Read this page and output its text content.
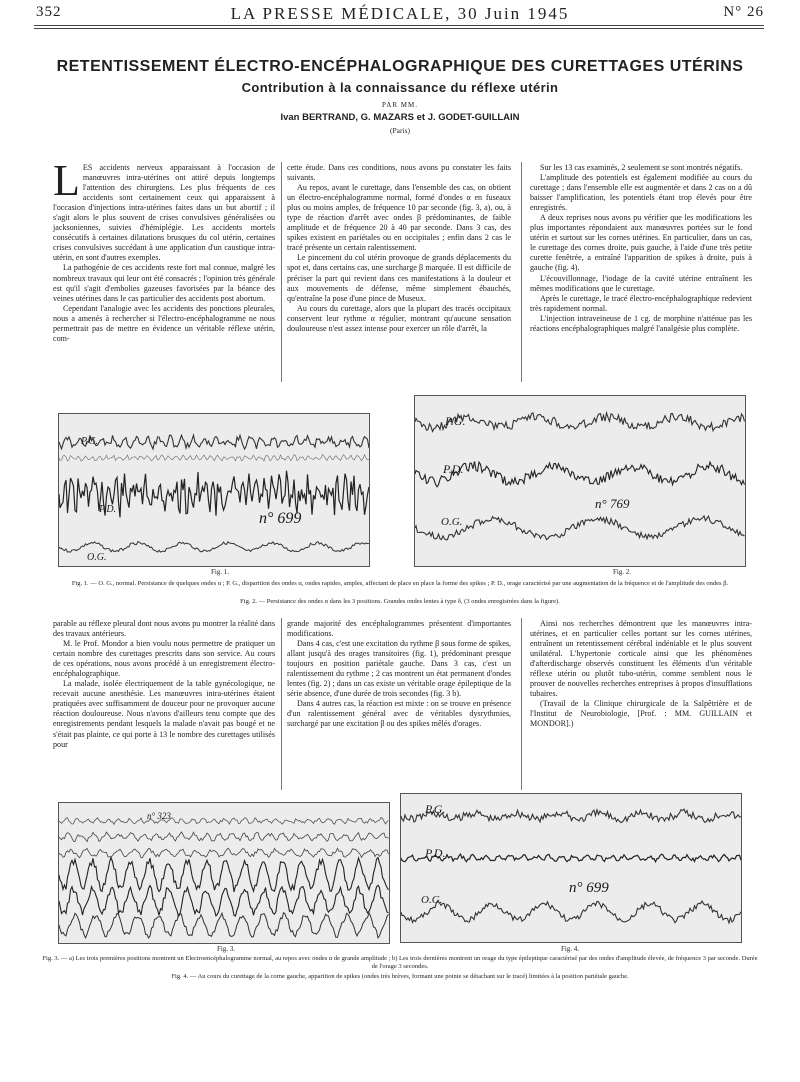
352	LA PRESSE MÉDICALE, 30 Juin 1945	N° 26
RETENTISSEMENT ÉLECTRO-ENCÉPHALOGRAPHIQUE DES CURETTAGES UTÉRINS
Contribution à la connaissance du réflexe utérin
PAR MM.
Ivan BERTRAND, G. MAZARS et J. GODET-GUILLAIN
(Paris)

LES accidents nerveux apparaissant à l'occasion de manœuvres intra-utérines ont attiré depuis longtemps l'attention des chirurgiens. Les plus fréquents de ces accidents sont certainement ceux qui apparaissent à l'occasion d'injections intra-utérines faites dans un but abortif ; il s'agit alors le plus souvent de crises convulsives généralisées ou jacksoniennes, suivies d'hémiplégie. Les accidents mortels consécutifs à certaines dilatations brusques du col utérin, certaines crises convulsives succédant à une application d'un caustique intra-utérin, en sont d'autres exemples.

La pathogénie de ces accidents reste fort mal connue, malgré les nombreux travaux qui leur ont été consacrés ; l'opinion très générale est qu'il s'agit d'embolies gazeuses favorisées par la béance des veines utérines dans le cas particulier des accidents post abortum.

Cependant l'analogie avec les accidents des ponctions pleurales, nous a amenés à rechercher si l'électro-encéphalogramme ne nous permettrait pas de mettre en évidence un véritable réflexe utérin, com-

cette étude. Dans ces conditions, nous avons pu constater les faits suivants.

Au repos, avant le curettage, dans l'ensemble des cas, on obtient un électro-encéphalogramme normal, formé d'ondes α en fuseaux plus ou moins amples, de fréquence 10 par seconde (fig. 3, a), ou, à type de réaction d'arrêt avec ondes β prédominantes, de faible amplitude et de fréquence 20 à 40 par seconde. Dans 3 cas, des spikes existent en pariétales ou en occipitales ; enfin dans 2 cas le tracé présente un certain ralentissement.

Le pincement du col utérin provoque de grands déplacements du spot et, dans certains cas, une surcharge β marquée. Il est difficile de préciser la part qui revient dans ces manifestations à la douleur et aux mouvements de défense, même simplement ébauchés, qu'entraîne la pose d'une pince de Museux.

Au cours du curettage, alors que la plupart des tracés occipitaux conservent leur rythme α régulier, montrant qu'aucune sensation douloureuse n'est assez intense pour exercer un rôle d'arrêt, la

Sur les 13 cas examinés, 2 seulement se sont montrés négatifs.

L'amplitude des potentiels est également modifiée au cours du curettage ; dans l'ensemble elle est augmentée et dans 2 cas on a dû baisser l'amplification, les potentiels étant trop élevés pour être enregistrés.

A deux reprises nous avons pu vérifier que les modifications les plus importantes répondaient aux manœuvres portées sur le fond utérin et surtout sur les cornes utérines. En particulier, dans un cas, le curettage des cornes droite, puis gauche, à l'aide d'une très petite curette fenêtrée, a entraîné l'apparition de spikes à droite, puis à gauche (fig. 4).

L'écouvillonnage, l'iodage de la cavité utérine entraînent les mêmes modifications que le curettage.

Après le curettage, le tracé électro-encéphalographique redevient très rapidement normal.

L'injection intraveineuse de 1 cg. de morphine n'atténue pas les réactions encéphalographiques malgré l'analgésie plus complète.

P.G.
P.D.
O.G.
n° 699
Fig. 1.
P.G.
P.D.
O.G.
n° 769
Fig. 2.
Fig. 1. — O. G., normal. Persistance de quelques ondes α ; P. G., disparition des ondes α, ondes rapides, amples, affectant de place en place la forme des spikes ; P. D., orage caractérisé par une augmentation de la fréquence et de l'amplitude des ondes β.
Fig. 2. — Persistance des ondes α dans les 3 positions. Grandes ondes lentes à type δ, (3 ondes enregistrées dans la figure).

parable au réflexe pleural dont nous avons pu montrer la réalité dans des travaux antérieurs.

M. le Prof. Mondor a bien voulu nous permettre de pratiquer un certain nombre des curettages prescrits dans son service. Au cours de ces opérations, nous avons procédé à un enregistrement électro-encéphalographique.

La malade, isolée électriquement de la table gynécologique, ne recevait aucune anesthésie. Les manœuvres intra-utérines étaient pratiquées avec suffisamment de douceur pour ne provoquer aucune réaction douloureuse. Nous n'avons d'ailleurs tenu compte que des enregistrements pendant lesquels la malade n'avait pas bougé et ne s'était pas plainte, ce qui porte à 13 le nombre des curettages utilisés pour

grande majorité des encéphalogrammes présentent d'importantes modifications.

Dans 4 cas, c'est une excitation du rythme β sous forme de spikes, allant jusqu'à des orages transitoires (fig. 1), prédominant presque toujours en position pariétale gauche. Dans 3 cas, c'est un ralentissement du rythme ; 2 cas montrent un état permanent d'ondes lentes (fig. 2) ; dans un cas existe un véritable orage épileptique de la série absence, d'une durée de trois secondes (fig. 3 b).

Dans 4 autres cas, la réaction est mixte : on se trouve en présence d'un ralentissement général avec de véritables dysrythmies, surchargé par une excitation β ou des spikes mêlés d'orages.

Ainsi nos recherches démontrent que les manœuvres intra-utérines, et en particulier celles portant sur les cornes utérines, entraînent un retentissement cérébral indéniable et le plus souvent unilatéral. L'hypertonie corticale ainsi que les phénomènes d'afterdischarge observés constituent les éléments d'un véritable réflexe utérin ou plutôt tubo-utérin, comme semblent nous le prouver de nouvelles recherches entreprises à propos d'insufflations tubaires.

(Travail de la Clinique chirurgicale de la Salpêtrière et de l'Institut de Neurobiologie, [Prof. : MM. GUILLAIN et MONDOR].)

n° 323
Fig. 3.
P.G.
P.D.
O.G.
n° 699
Fig. 4.
Fig. 3. — a) Les trois premières positions montrent un Electroencéphalogramme normal, au repos avec ondes α de grande amplitude ; b) Les trois dernières montrent un orage du type épileptique caractérisé par des ondes d'amplitude élevée, de fréquence 3 par seconde. Durée de l'orage 3 secondes.
Fig. 4. — Au cours du curettage de la corne gauche, apparition de spikes (ondes très brèves, formant une pointe se détachant sur le tracé) limitées à la position pariétale gauche.
